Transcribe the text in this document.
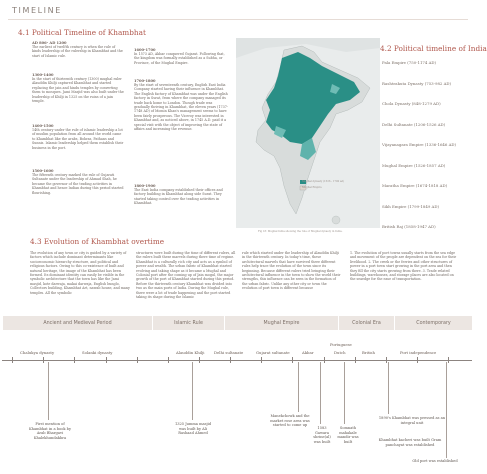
TIMELINE
4.1 Political Timeline of Khambhat
AD 806- AD 1200
The earliest of twelfth century is when the rule of kinds leadership of the rulership in Khambhat and the start of Islamic rule.
1300-1400
In the start of thirteenth century (1300) mughal ruler Alauddin Khilji captured Khambhat and started replacing the jain and hindu temples by converting them to mosques. Jami Masjid was also built under the leadership of Khilji in 1325 on the ruins of a jain temple.
1400-1500
14th century under the rule of islamic leadership a lot of muslim population from all around the world came to Khambhat like the arabs, Bohras, Pathans and Sunnis. Islamic leadership helped them establish their business in the port.
1500-1600
The fifteenth century marked the rule of Gujarati Sultanate under the leadership of Ahmad Shah, he became the governor of the trading activities in Khambhat and hence Indian during this period started flourishing.
1600-1700
In 1573 AD, Akbar conquered Gujarat. Following that, the kingdom was formally established as a Subha, or Province, of the Mughal Empire.
1700-1800
By the start of seventeenth century, English East India Company started having their influence in Khambhat. The English factory of Khambhat was under the English factory in Surat, from where the company managed its trade back home to London. Though trade was gradually thriving in Khambhat, the eleven years (1737-1748 AD) of Momin Khan's management seems to have been fairly prosperous. The Viceroy was interested in Khambhat and, as noticed above, in 1745 A.D. paid it a special visit with the object of improving the state of affairs and increasing the revenue.
1800-1900
The East India company established their offices and factory building in Khambhat along side Surat. They started taking control over the trading activities in Khambhat.
Mughal dynasty (1526 - 1700 ad)
Mughal Empire
Fig 18: Mughal India showing the rule of Mughal dynasty in India.
4.2 Political timeline of India
Pala Empire (750-1174 AD)
Rashtrakuta Dynasty (753-982 AD)
Chola Dynasty (848-1279 AD)
Delhi Sultanate (1206-1526 AD)
Vijayanagara Empire (1336-1646 AD)
Mughal Empire (1526-1857 AD)
Maratha Empire (1674-1818 AD)
Sikh Empire (1799-1849 AD)
British Raj (1858-1947 AD)
4.3 Evolution of Khambhat overtime
The evolution of any town or city is guided by a variety of factors which include dominant determinants like socioeconomic hierarchy structure, and political and religious factors. Owing to this co-existence of built and natural heritage, the image of the Khambhat has been formed. Its dominant identity can easily be visible in the symbolic architecture that the town has like the Jami masjid, kote darwaja, makai darwaja, English bunglo, Collectors building, Khambhat Art, nawab house, and many temples. All the symbolic
structures were built during the time of different rulers, all the rulers built these marvels during there time of regime. Khambhat is a culturally rich city and acts as a symbol of power and wealth. The urban fabric of Khambhat started evolving and taking shape as it became a Mughal and Colonial port after the coming up of Jain mogul, the major growth of the port of Khambhat started during this period. Before the thirteenth century Khambhat was divided into two as the main ports of India. During the Mughal rule, there were a lot of trade happening and the port started taking its shape during the Islamic
rule which started under the leadership of Alauddin Khilji in the thirteenth century. In today's time, these architectural marvels that have survived three different rules help trace the evolution of the town since its beginning. Because different rulers tried bringing their architectural influence in the town to show the world their strengths, this influence can be seen in the formation of the urban fabric. Unlike any other city or town the evolution of port town is different because
1. The evolution of port towns usually starts from the sea edge and movement of the people are dependent on the sea for their livelihood. 2. The creek or the ferries and other structures of power in a port town start growing in the port area and then they fill the city starts growing from there. 3. Trade related buildings, warehouses, and storage places are also located on the seaedge for the ease of transportation.
Ancient and Medieval Period	Islamic Rule	Mughal Empire	Colonial Era	Contemporary
Chalukya dynasty	Solanki dynasty	Alauddin Khilji	Delhi sultanate	Gujarat sultanate	Akbar
Portuguese
Dutch	British	Port independence
First mention of Khambhat in a book by Arab Bhargavi Khalekhundakhra
1325 Jumma masjid was built by Ali Rashaad Ahmed
Manekchowk and the market rose area was started to come up
1583 Gawara shrine(al) was built
Somnath mahakale mandir was built
1890's Khambhat was pressed as an integral unit
Khambhat kacheri was built Gram panchayat was established
Old port was established
